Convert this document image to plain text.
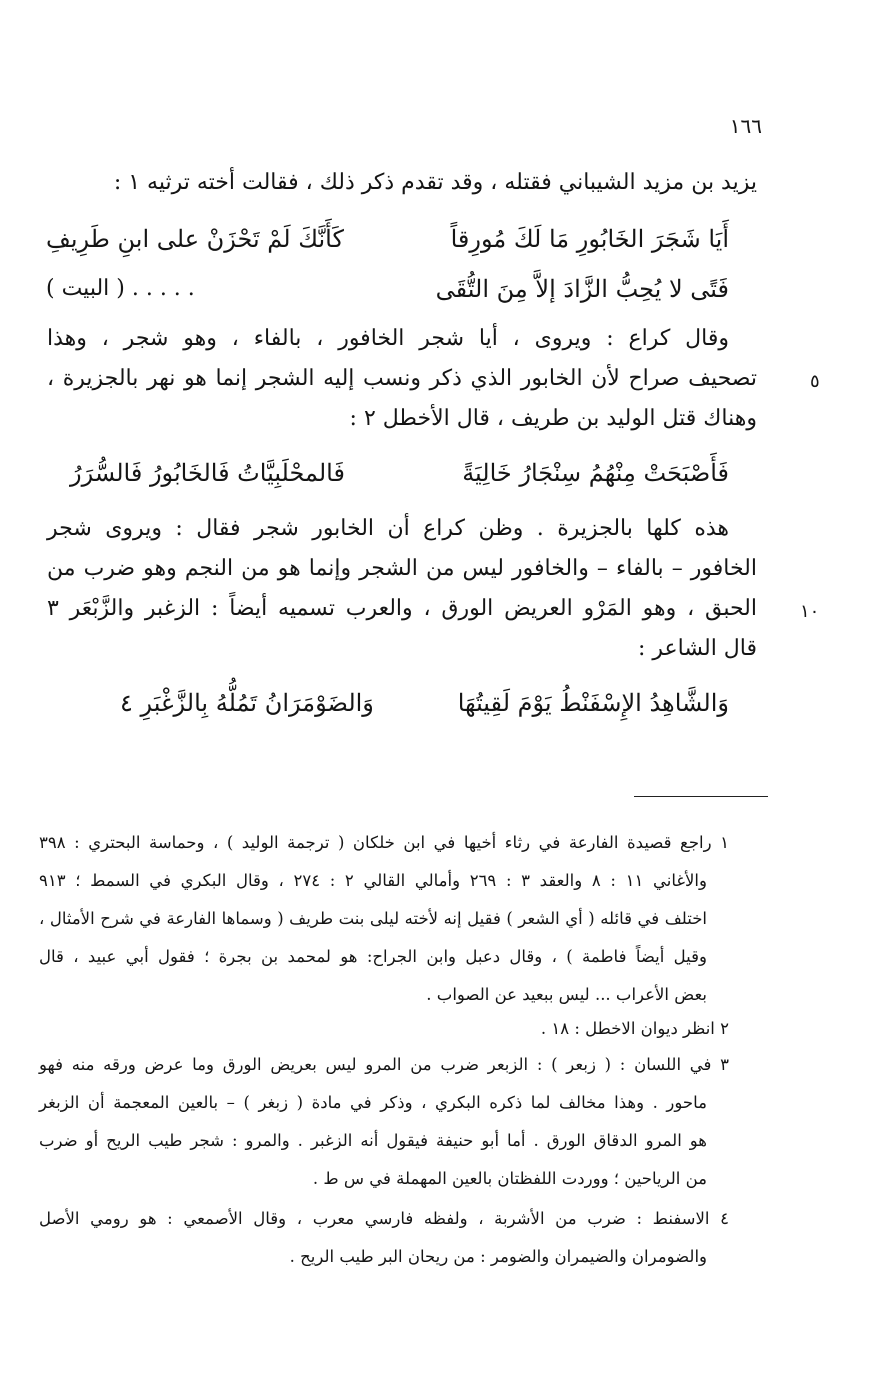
١٦٦
يزيد بن مزيد الشيباني فقتله ، وقد تقدم ذكر ذلك ، فقالت أخته ترثيه ١ :
أَيَا شَجَرَ الخَابُورِ مَا لَكَ مُورِقاً
كَأَنَّكَ لَمْ تَحْزَنْ على ابنِ طَرِيفِ
فَتًى لا يُحِبُّ الزَّادَ إلاَّ مِنَ التُّقَى
. . . . . ( البيت )
وقال كراع : ويروى ، أيا شجر الخافور ، بالفاء ، وهو شجر ، وهذا
تصحيف صراح لأن الخابور الذي ذكر ونسب إليه الشجر إنما هو نهر بالجزيرة ،
وهناك قتل الوليد بن طريف ، قال الأخطل ٢ :
٥
فَأَصْبَحَتْ مِنْهُمُ سِنْجَارُ خَالِيَةً
فَالمحْلَبِيَّاتُ فَالخَابُورُ فَالسُّرَرُ
هذه كلها بالجزيرة . وظن كراع أن الخابور شجر فقال : ويروى شجر
الخافور – بالفاء – والخافور ليس من الشجر وإنما هو من النجم وهو ضرب من
الحبق ، وهو المَرْو العريض الورق ، والعرب تسميه أيضاً : الزغبر والزَّبْعَر ٣
قال الشاعر :
١٠
وَالشَّاهِدُ الإِسْفَنْطُ يَوْمَ لَقِيتُهَا
وَالضَوْمَرَانُ تَمُلُّهُ بِالزَّغْبَرِ ٤
١ راجع قصيدة الفارعة في رثاء أخيها في ابن خلكان ( ترجمة الوليد ) ، وحماسة البحتري : ٣٩٨
والأغاني ١١ : ٨ والعقد ٣ : ٢٦٩ وأمالي القالي ٢ : ٢٧٤ ، وقال البكري في السمط ؛ ٩١٣
اختلف في قائله ( أي الشعر ) فقيل إنه لأخته ليلى بنت طريف ( وسماها الفارعة في شرح الأمثال ،
وقيل أيضاً فاطمة ) ، وقال دعبل وابن الجراح: هو لمحمد بن بجرة ؛ فقول أبي عبيد ، قال
بعض الأعراب ... ليس ببعيد عن الصواب .
٢ انظر ديوان الاخطل : ١٨ .
٣ في اللسان : ( زبعر ) : الزبعر ضرب من المرو ليس بعريض الورق وما عرض ورقه منه فهو
ماحور . وهذا مخالف لما ذكره البكري ، وذكر في مادة ( زبغر ) – بالعين المعجمة أن الزبغر
هو المرو الدقاق الورق . أما أبو حنيفة فيقول أنه الزغبر . والمرو : شجر طيب الريح أو ضرب
من الرياحين ؛ ووردت اللفظتان بالعين المهملة في س ط .
٤ الاسفنط : ضرب من الأشربة ، ولفظه فارسي معرب ، وقال الأصمعي : هو رومي الأصل
والضومران والضيمران والضومر : من ريحان البر طيب الريح .
